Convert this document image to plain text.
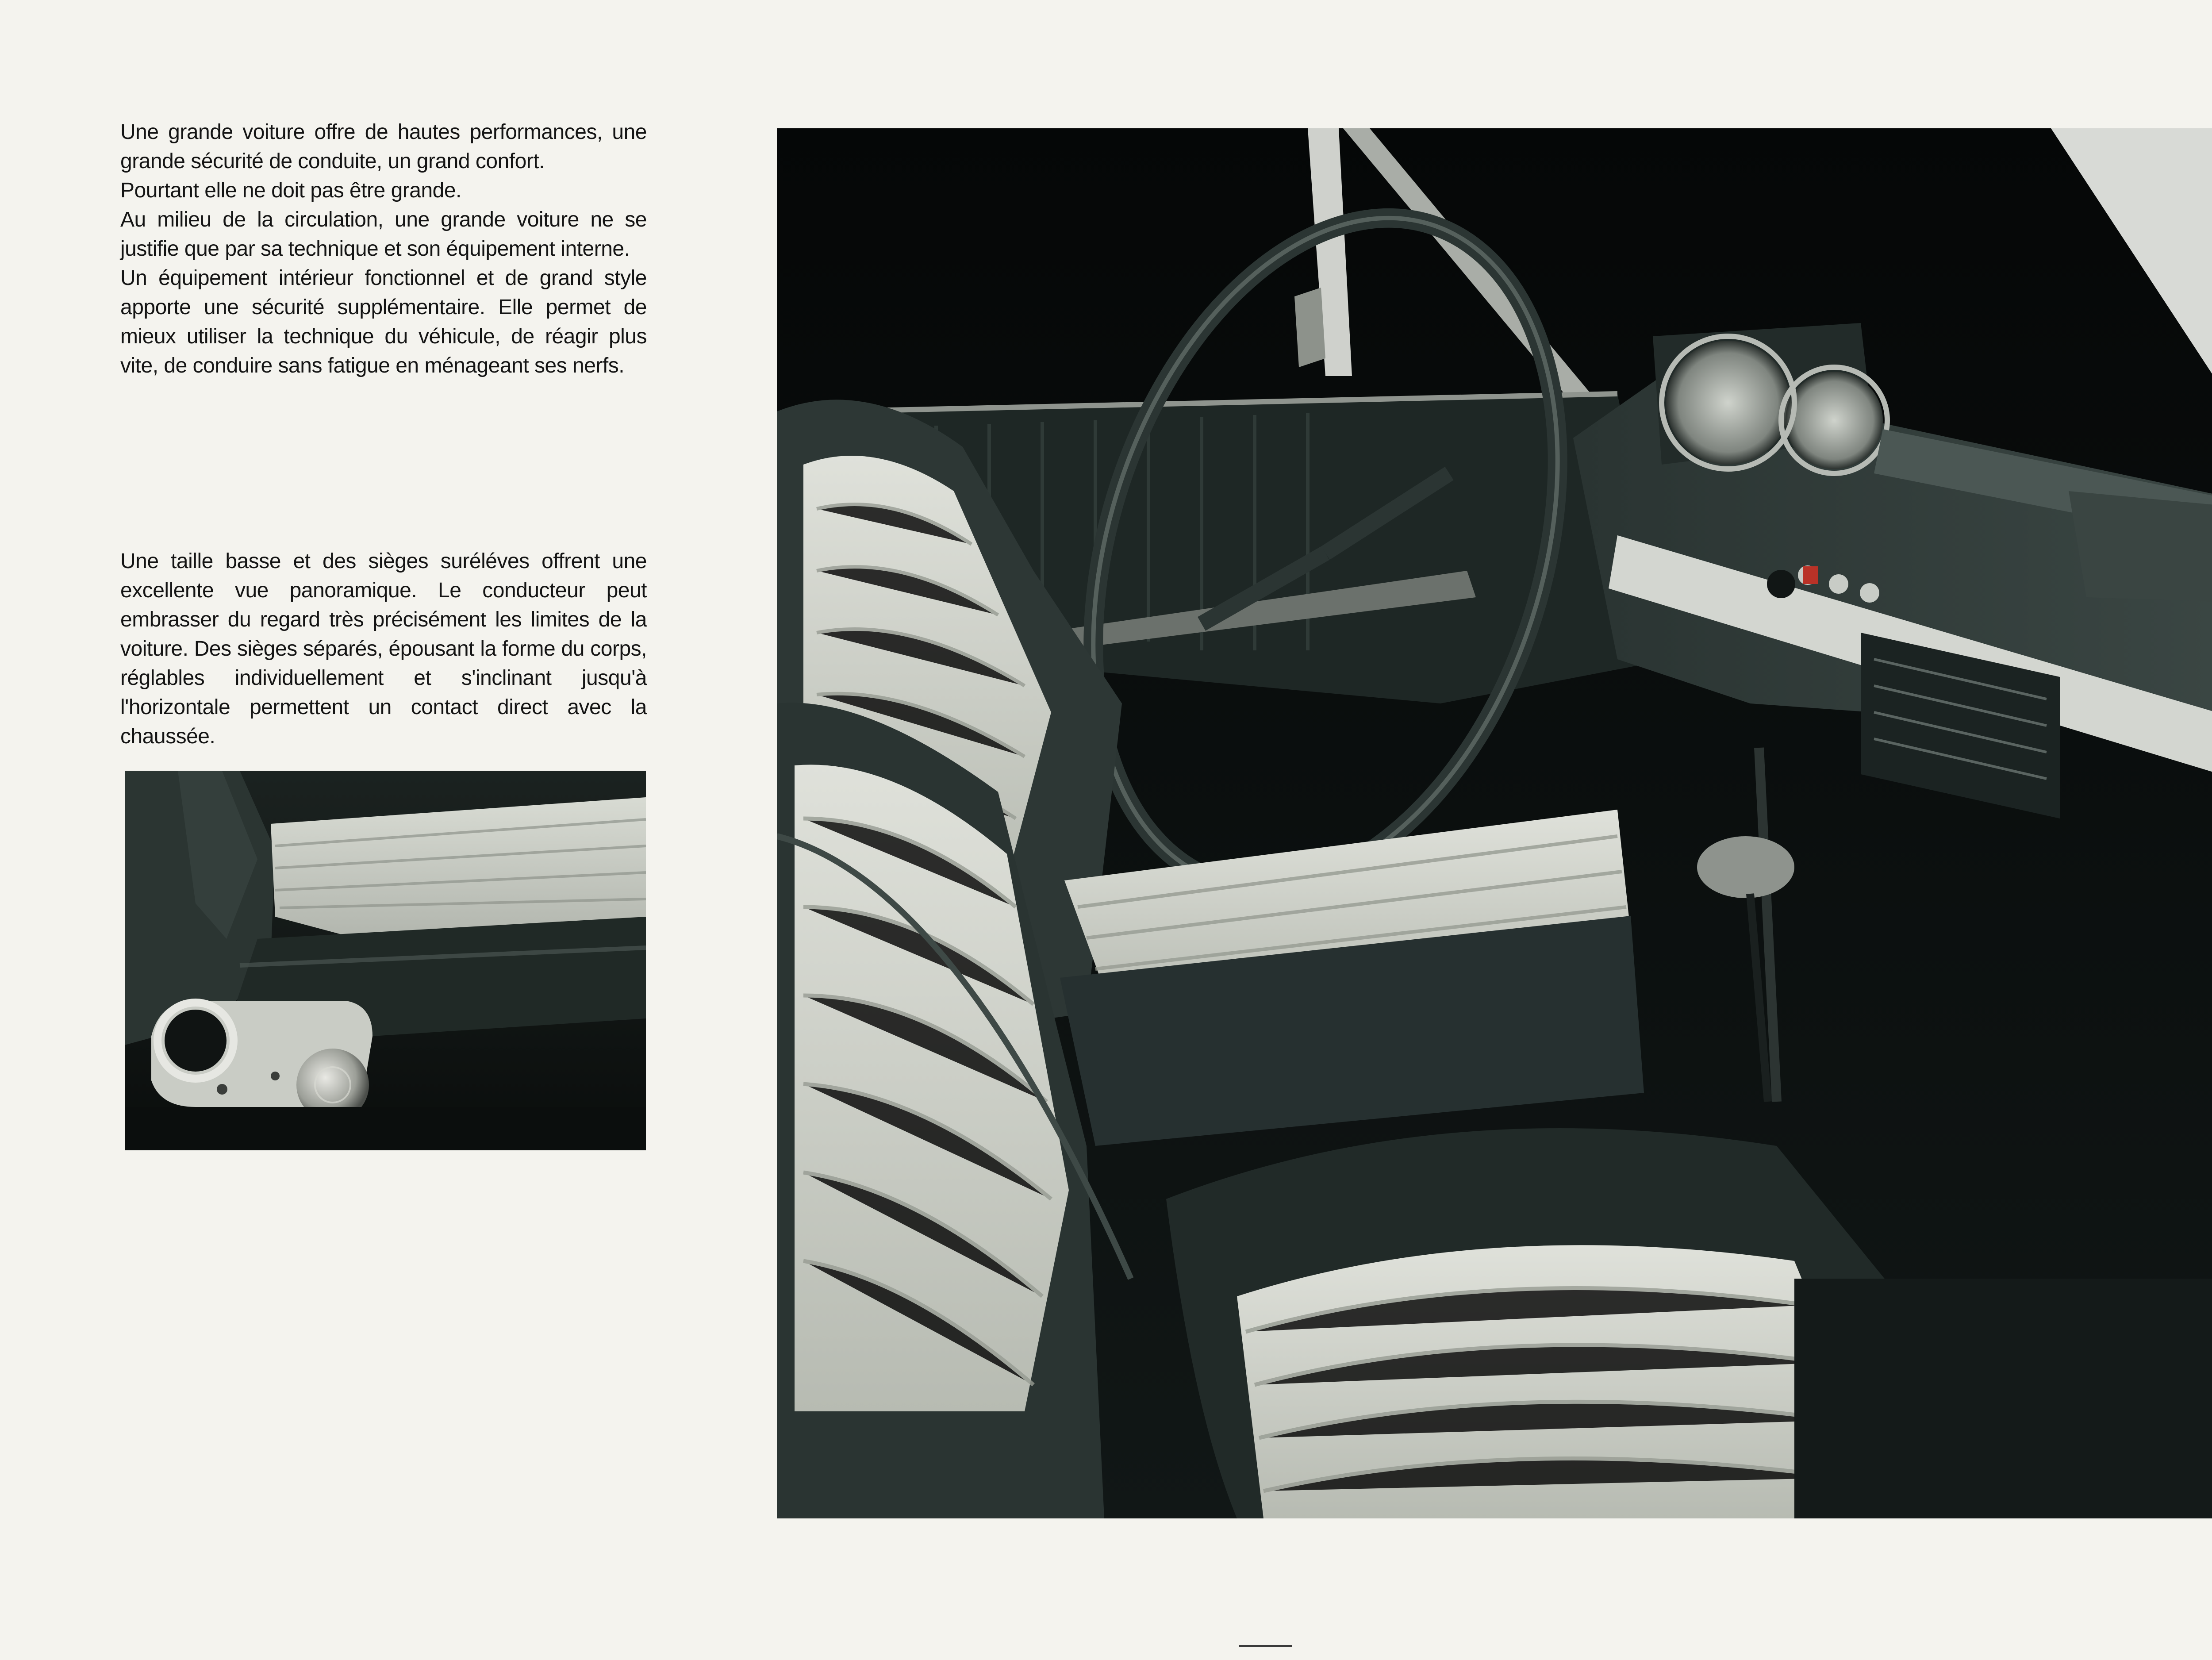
Une grande voiture offre de hautes performances, une grande sécurité de conduite, un grand confort.

Pourtant elle ne doit pas être grande.

Au milieu de la circulation, une grande voiture ne se justifie que par sa technique et son équipement interne.

Un équipement intérieur fonctionnel et de grand style apporte une sécurité supplémentaire. Elle permet de mieux utiliser la technique du véhicule, de réagir plus vite, de conduire sans fatigue en ménageant ses nerfs.

Une taille basse et des sièges suréléves offrent une excellente vue panoramique. Le conducteur peut embrasser du regard très précisément les limites de la voiture. Des sièges séparés, épousant la forme du corps, réglables individuellement et s'inclinant jusqu'à l'horizontale permettent un contact direct avec la chaussée.
